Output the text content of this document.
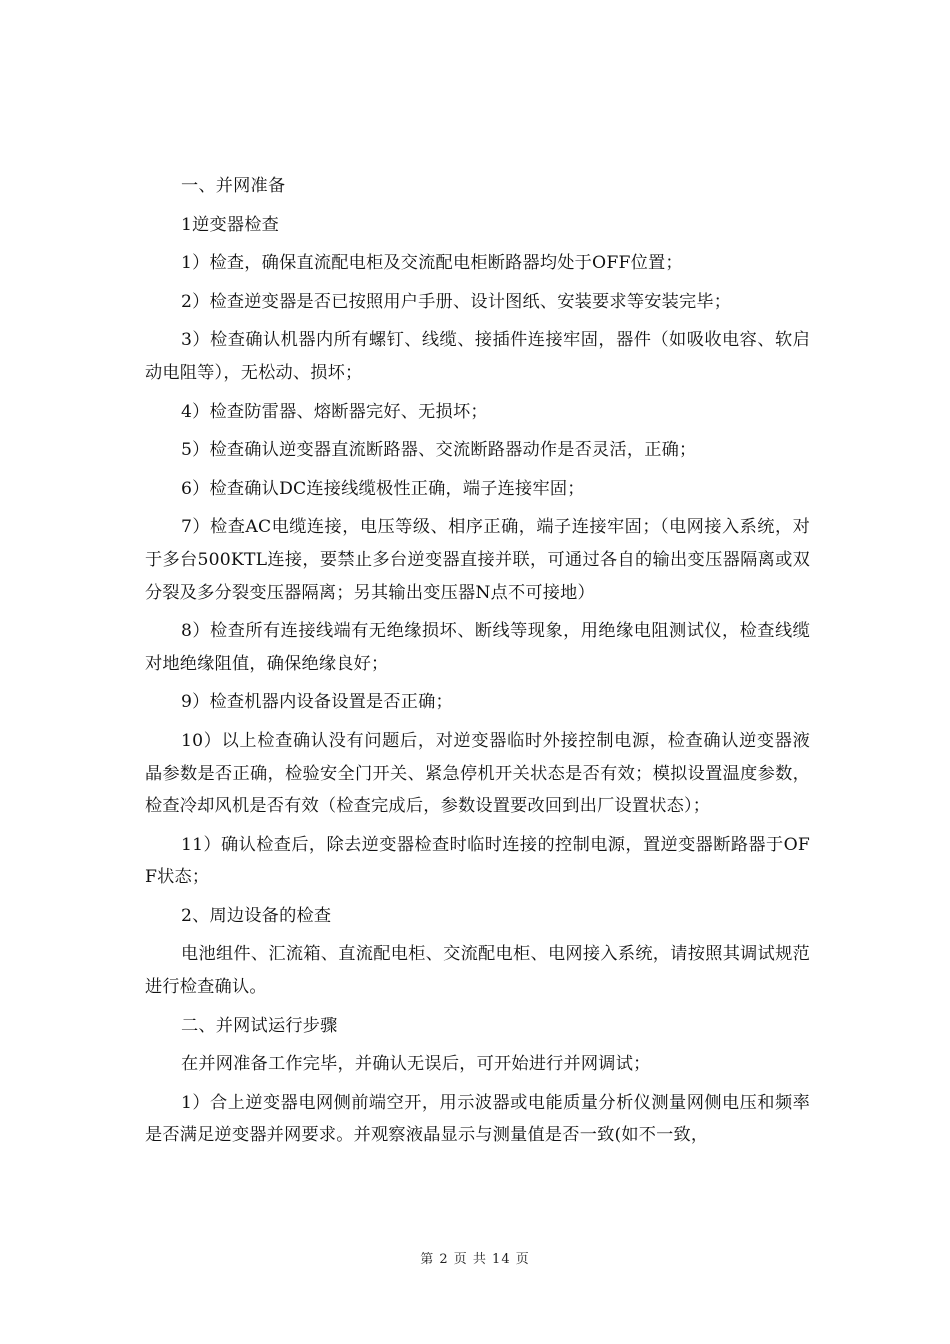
一、并网准备

1逆变器检查

1）检查，确保直流配电柜及交流配电柜断路器均处于OFF位置；

2）检查逆变器是否已按照用户手册、设计图纸、安装要求等安装完毕；

3）检查确认机器内所有螺钉、线缆、接插件连接牢固，器件（如吸收电容、软启动电阻等），无松动、损坏；

4）检查防雷器、熔断器完好、无损坏；

5）检查确认逆变器直流断路器、交流断路器动作是否灵活，正确；

6）检查确认DC连接线缆极性正确，端子连接牢固；

7）检查AC电缆连接，电压等级、相序正确，端子连接牢固；（电网接入系统，对于多台500KTL连接，要禁止多台逆变器直接并联，可通过各自的输出变压器隔离或双分裂及多分裂变压器隔离；另其输出变压器N点不可接地）

8）检查所有连接线端有无绝缘损坏、断线等现象，用绝缘电阻测试仪，检查线缆对地绝缘阻值，确保绝缘良好；

9）检查机器内设备设置是否正确；

10）以上检查确认没有问题后，对逆变器临时外接控制电源，检查确认逆变器液晶参数是否正确，检验安全门开关、紧急停机开关状态是否有效；模拟设置温度参数，检查冷却风机是否有效（检查完成后，参数设置要改回到出厂设置状态）；

11）确认检查后，除去逆变器检查时临时连接的控制电源，置逆变器断路器于OFF状态；

2、周边设备的检查

电池组件、汇流箱、直流配电柜、交流配电柜、电网接入系统，请按照其调试规范进行检查确认。

二、并网试运行步骤

在并网准备工作完毕，并确认无误后，可开始进行并网调试；

1）合上逆变器电网侧前端空开，用示波器或电能质量分析仪测量网侧电压和频率是否满足逆变器并网要求。并观察液晶显示与测量值是否一致(如不一致，

第 2 页 共 14 页
